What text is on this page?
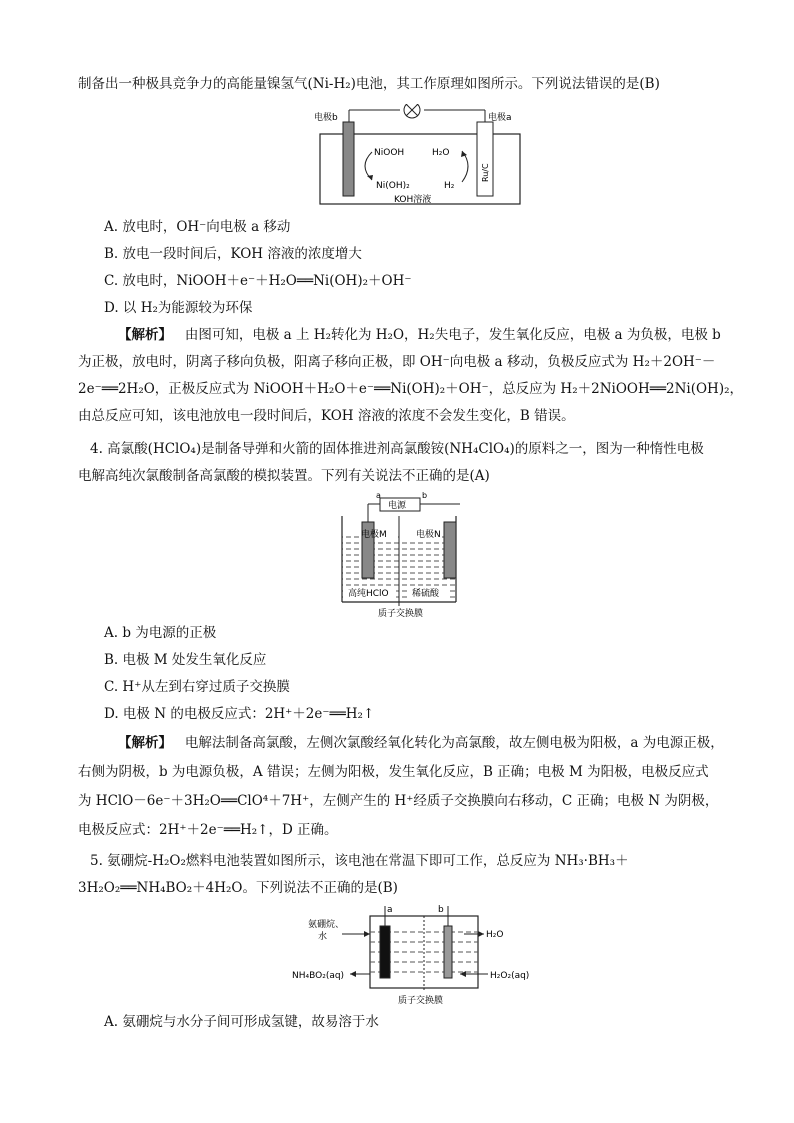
制备出一种极具竞争力的高能量镍氢气(Ni-H₂)电池，其工作原理如图所示。下列说法错误的是(B)
电极b	电极a
NiOOH
Ni(OH)₂
H₂O
H₂
Ru/C
KOH溶液
A. 放电时，OH⁻向电极 a 移动
B. 放电一段时间后，KOH 溶液的浓度增大
C. 放电时，NiOOH＋e⁻＋H₂O══Ni(OH)₂＋OH⁻
D. 以 H₂为能源较为环保
【解析】 由图可知，电极 a 上 H₂转化为 H₂O，H₂失电子，发生氧化反应，电极 a 为负极，电极 b
为正极，放电时，阴离子移向负极，阳离子移向正极，即 OH⁻向电极 a 移动，负极反应式为 H₂＋2OH⁻－
2e⁻══2H₂O，正极反应式为 NiOOH＋H₂O＋e⁻══Ni(OH)₂＋OH⁻，总反应为 H₂＋2NiOOH══2Ni(OH)₂，
由总反应可知，该电池放电一段时间后，KOH 溶液的浓度不会发生变化，B 错误。
4. 高氯酸(HClO₄)是制备导弹和火箭的固体推进剂高氯酸铵(NH₄ClO₄)的原料之一，图为一种惰性电极
电解高纯次氯酸制备高氯酸的模拟装置。下列有关说法不正确的是(A)
电源
a	b
电极M	电极N
高纯HClO	稀硫酸
质子交换膜
A. b 为电源的正极
B. 电极 M 处发生氧化反应
C. H⁺从左到右穿过质子交换膜
D. 电极 N 的电极反应式：2H⁺＋2e⁻══H₂↑
【解析】 电解法制备高氯酸，左侧次氯酸经氧化转化为高氯酸，故左侧电极为阳极，a 为电源正极，
右侧为阴极，b 为电源负极，A 错误；左侧为阳极，发生氧化反应，B 正确；电极 M 为阳极，电极反应式
为 HClO－6e⁻＋3H₂O══ClO⁴＋7H⁺，左侧产生的 H⁺经质子交换膜向右移动，C 正确；电极 N 为阴极，
电极反应式：2H⁺＋2e⁻══H₂↑，D 正确。
5. 氨硼烷-H₂O₂燃料电池装置如图所示，该电池在常温下即可工作，总反应为 NH₃·BH₃＋
3H₂O₂══NH₄BO₂＋4H₂O。下列说法不正确的是(B)
a	b
氨硼烷、
水
NH₄BO₂(aq)
H₂O
H₂O₂(aq)
质子交换膜
A. 氨硼烷与水分子间可形成氢键，故易溶于水
